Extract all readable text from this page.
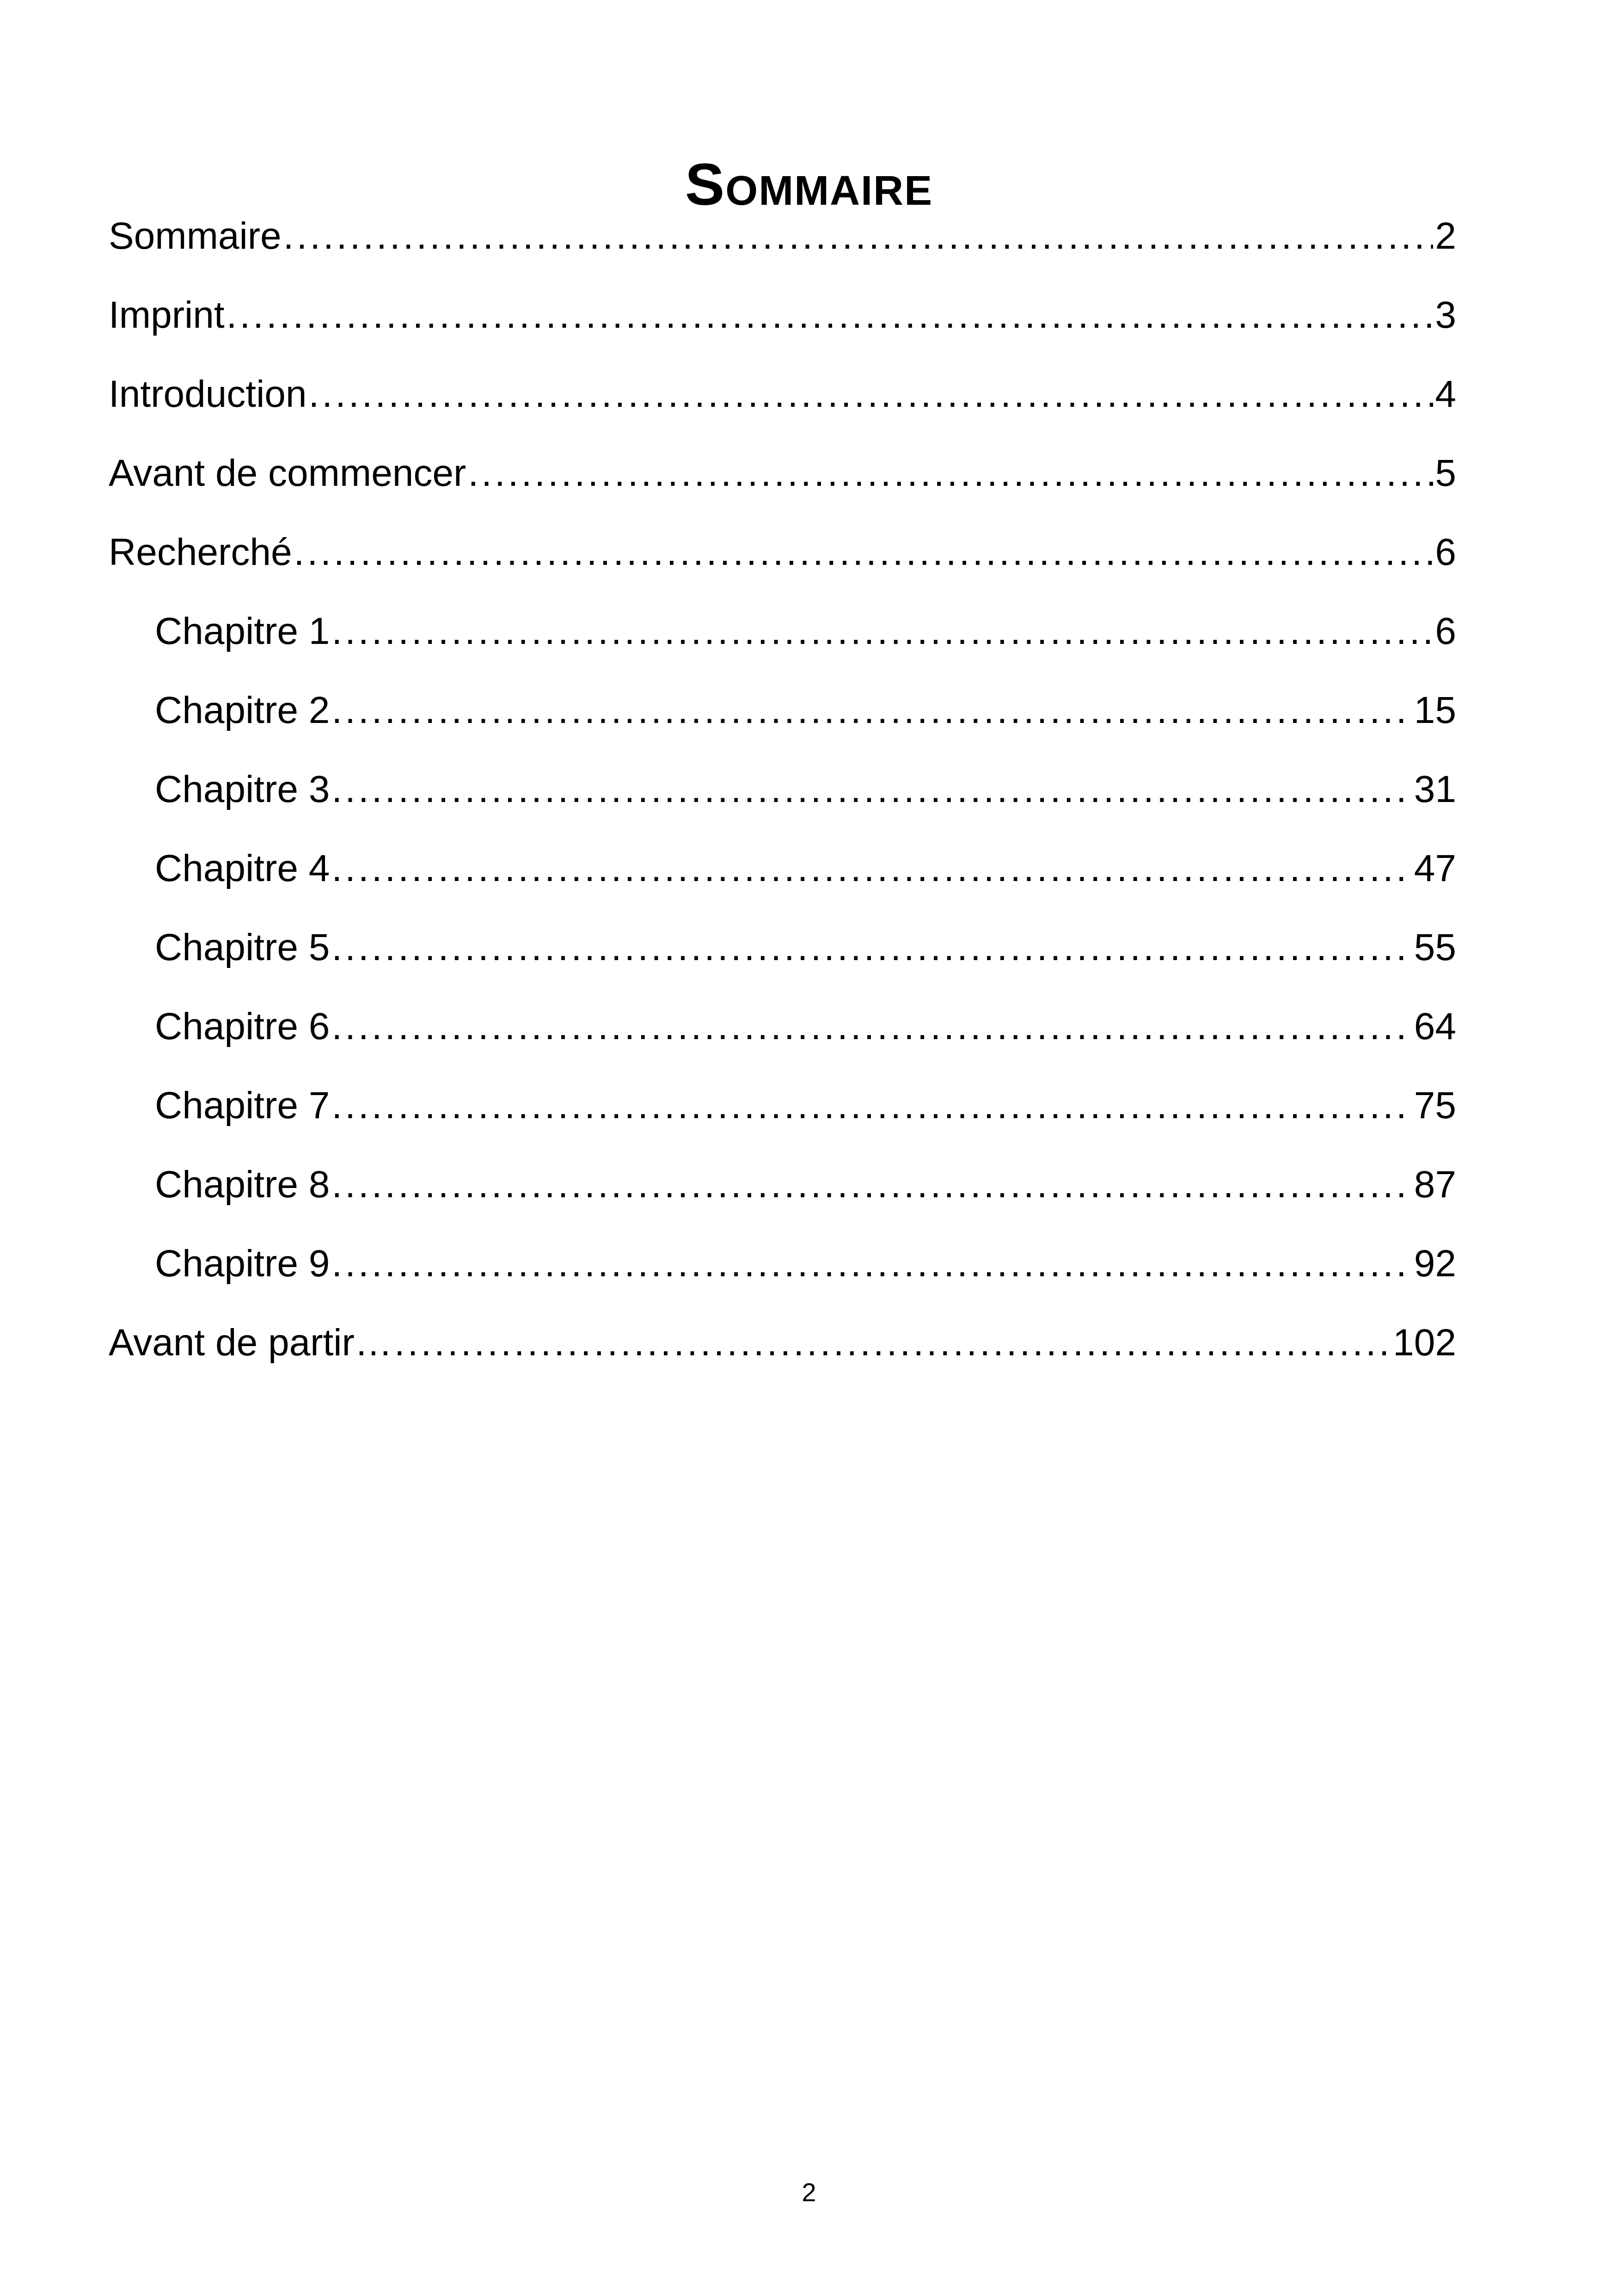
Sommaire
Sommaire .....	2
Imprint .....	3
Introduction .....	4
Avant de commencer .....	5
Recherché .....	6
Chapitre 1 .....	6
Chapitre 2 .....	15
Chapitre 3 .....	31
Chapitre 4 .....	47
Chapitre 5 .....	55
Chapitre 6 .....	64
Chapitre 7 .....	75
Chapitre 8 .....	87
Chapitre 9 .....	92
Avant de partir… .....	102
2
